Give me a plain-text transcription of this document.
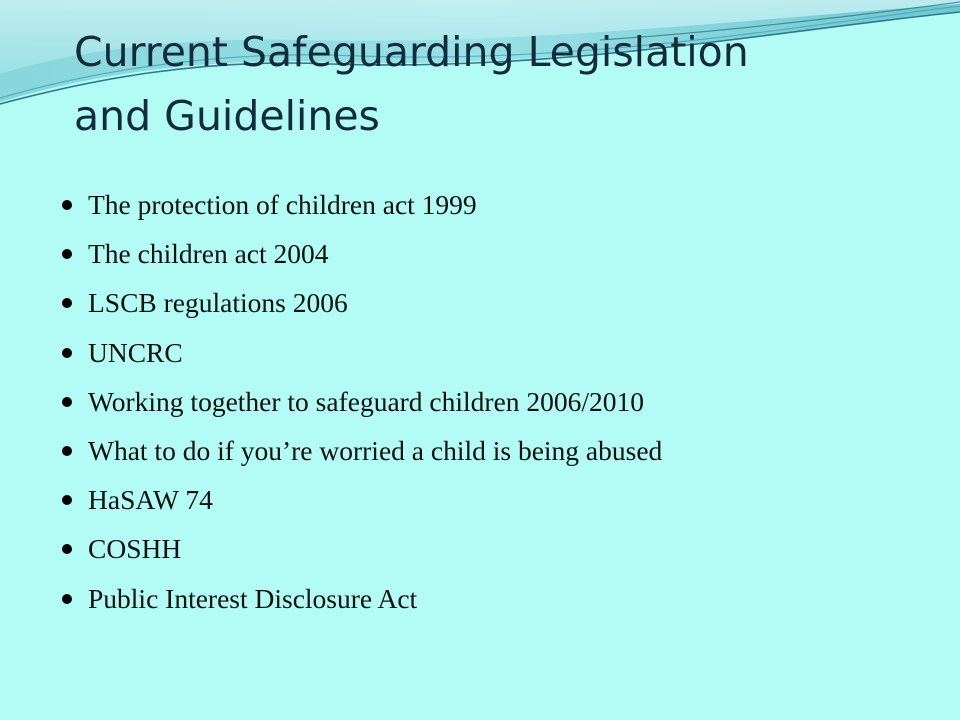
Current Safeguarding Legislation
and Guidelines
The protection of children act 1999
The children act 2004
LSCB regulations 2006
UNCRC
Working together to safeguard children 2006/2010
What to do if you’re worried a child is being abused
HaSAW 74
COSHH
Public Interest Disclosure Act
